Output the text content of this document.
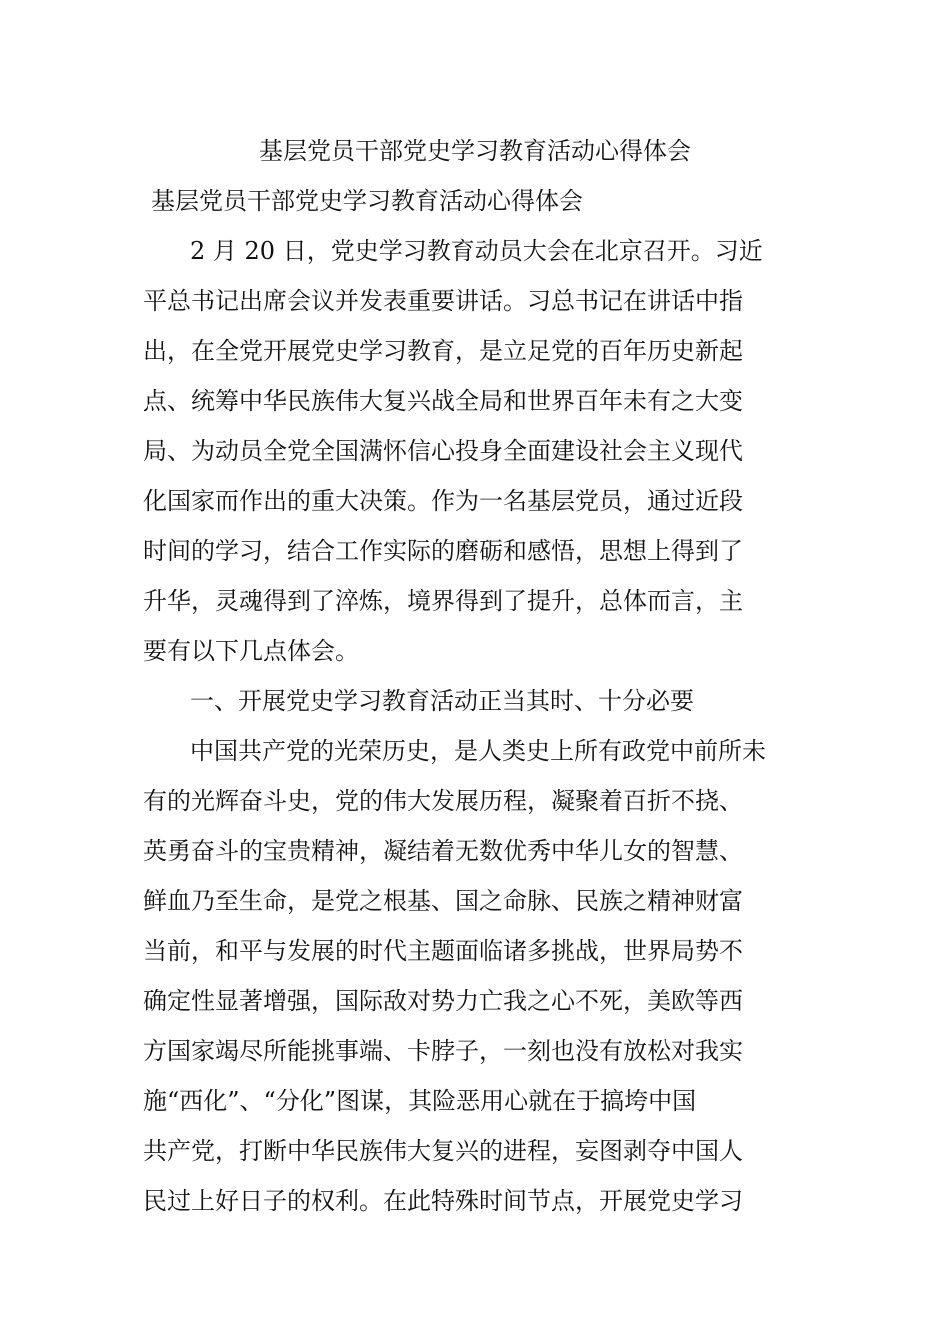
基层党员干部党史学习教育活动心得体会
基层党员干部党史学习教育活动心得体会
2 月 20 日，党史学习教育动员大会在北京召开。习近
平总书记出席会议并发表重要讲话。习总书记在讲话中指
出，在全党开展党史学习教育，是立足党的百年历史新起
点、统筹中华民族伟大复兴战全局和世界百年未有之大变
局、为动员全党全国满怀信心投身全面建设社会主义现代
化国家而作出的重大决策。作为一名基层党员，通过近段
时间的学习，结合工作实际的磨砺和感悟，思想上得到了
升华，灵魂得到了淬炼，境界得到了提升，总体而言，主
要有以下几点体会。
一、开展党史学习教育活动正当其时、十分必要
中国共产党的光荣历史，是人类史上所有政党中前所未
有的光辉奋斗史，党的伟大发展历程，凝聚着百折不挠、
英勇奋斗的宝贵精神，凝结着无数优秀中华儿女的智慧、
鲜血乃至生命，是党之根基、国之命脉、民族之精神财富
当前，和平与发展的时代主题面临诸多挑战，世界局势不
确定性显著增强，国际敌对势力亡我之心不死，美欧等西
方国家竭尽所能挑事端、卡脖子，一刻也没有放松对我实
施“西化”、“分化”图谋，其险恶用心就在于搞垮中国
共产党，打断中华民族伟大复兴的进程，妄图剥夺中国人
民过上好日子的权利。在此特殊时间节点，开展党史学习
